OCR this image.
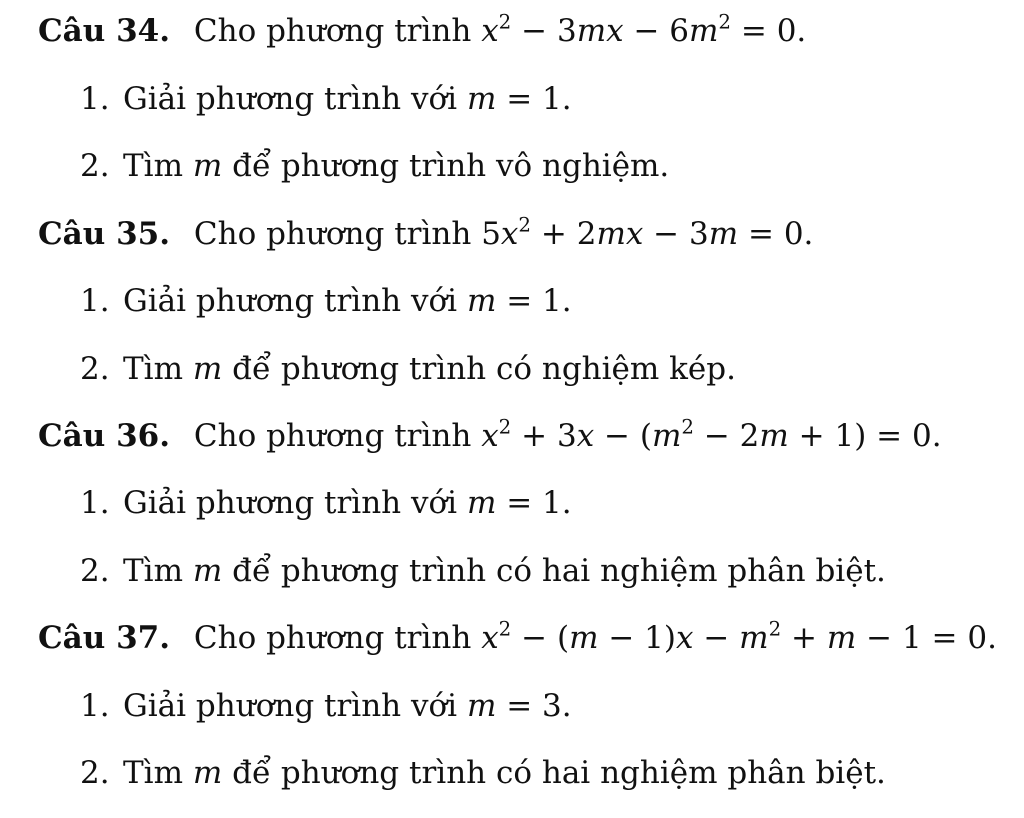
Câu 34. Cho phương trình $x^2 - 3mx - 6m^2 = 0$.
1. Giải phương trình với m = 1.
2. Tìm m để phương trình vô nghiệm.
Câu 35. Cho phương trình $5x^2 + 2mx - 3m = 0$.
1. Giải phương trình với m = 1.
2. Tìm m để phương trình có nghiệm kép.
Câu 36. Cho phương trình $x^2 + 3x - (m^2 - 2m + 1) = 0$.
1. Giải phương trình với m = 1.
2. Tìm m để phương trình có hai nghiệm phân biệt.
Câu 37. Cho phương trình $x^2 - (m - 1)x - m^2 + m - 1 = 0$.
1. Giải phương trình với m = 3.
2. Tìm m để phương trình có hai nghiệm phân biệt.
